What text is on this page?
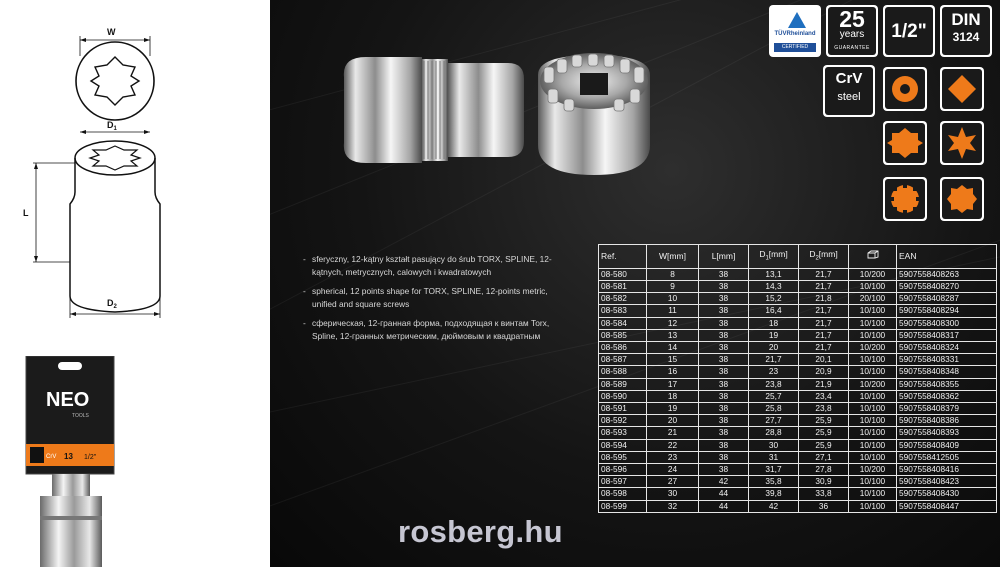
W
$D_1$
L
$D_2$
NEO
TOOLS
CrV 13 1/2"
TÜVRheinland
CERTIFIED
25
years
GUARANTEE
1/2"
DIN
3124
CrV
steel
- sferyczny, 12-kątny kształt pasujący do śrub TORX, SPLINE, 12-kątnych, metrycznych, calowych i kwadratowych
- spherical, 12 points shape for TORX, SPLINE, 12-points metric, unified and square screws
- сферическая, 12-гранная форма, подходящая к винтам Torx, Spline, 12-гранных метрическим, дюймовым и квадратным
Ref.	W[mm]	L[mm]	$D_1[mm]$	$D_2[mm]$		EAN
08-580	8	38	13,1	21,7	10/200	5907558408263
08-581	9	38	14,3	21,7	10/100	5907558408270
08-582	10	38	15,2	21,8	20/100	5907558408287
08-583	11	38	16,4	21,7	10/100	5907558408294
08-584	12	38	18	21,7	10/100	5907558408300
08-585	13	38	19	21,7	10/100	5907558408317
08-586	14	38	20	21,7	10/200	5907558408324
08-587	15	38	21,7	20,1	10/100	5907558408331
08-588	16	38	23	20,9	10/100	5907558408348
08-589	17	38	23,8	21,9	10/200	5907558408355
08-590	18	38	25,7	23,4	10/100	5907558408362
08-591	19	38	25,8	23,8	10/100	5907558408379
08-592	20	38	27,7	25,9	10/100	5907558408386
08-593	21	38	28,8	25,9	10/100	5907558408393
08-594	22	38	30	25,9	10/100	5907558408409
08-595	23	38	31	27,1	10/100	5907558412505
08-596	24	38	31,7	27,8	10/200	5907558408416
08-597	27	42	35,8	30,9	10/100	5907558408423
08-598	30	44	39,8	33,8	10/100	5907558408430
08-599	32	44	42	36	10/100	5907558408447
rosberg.hu
